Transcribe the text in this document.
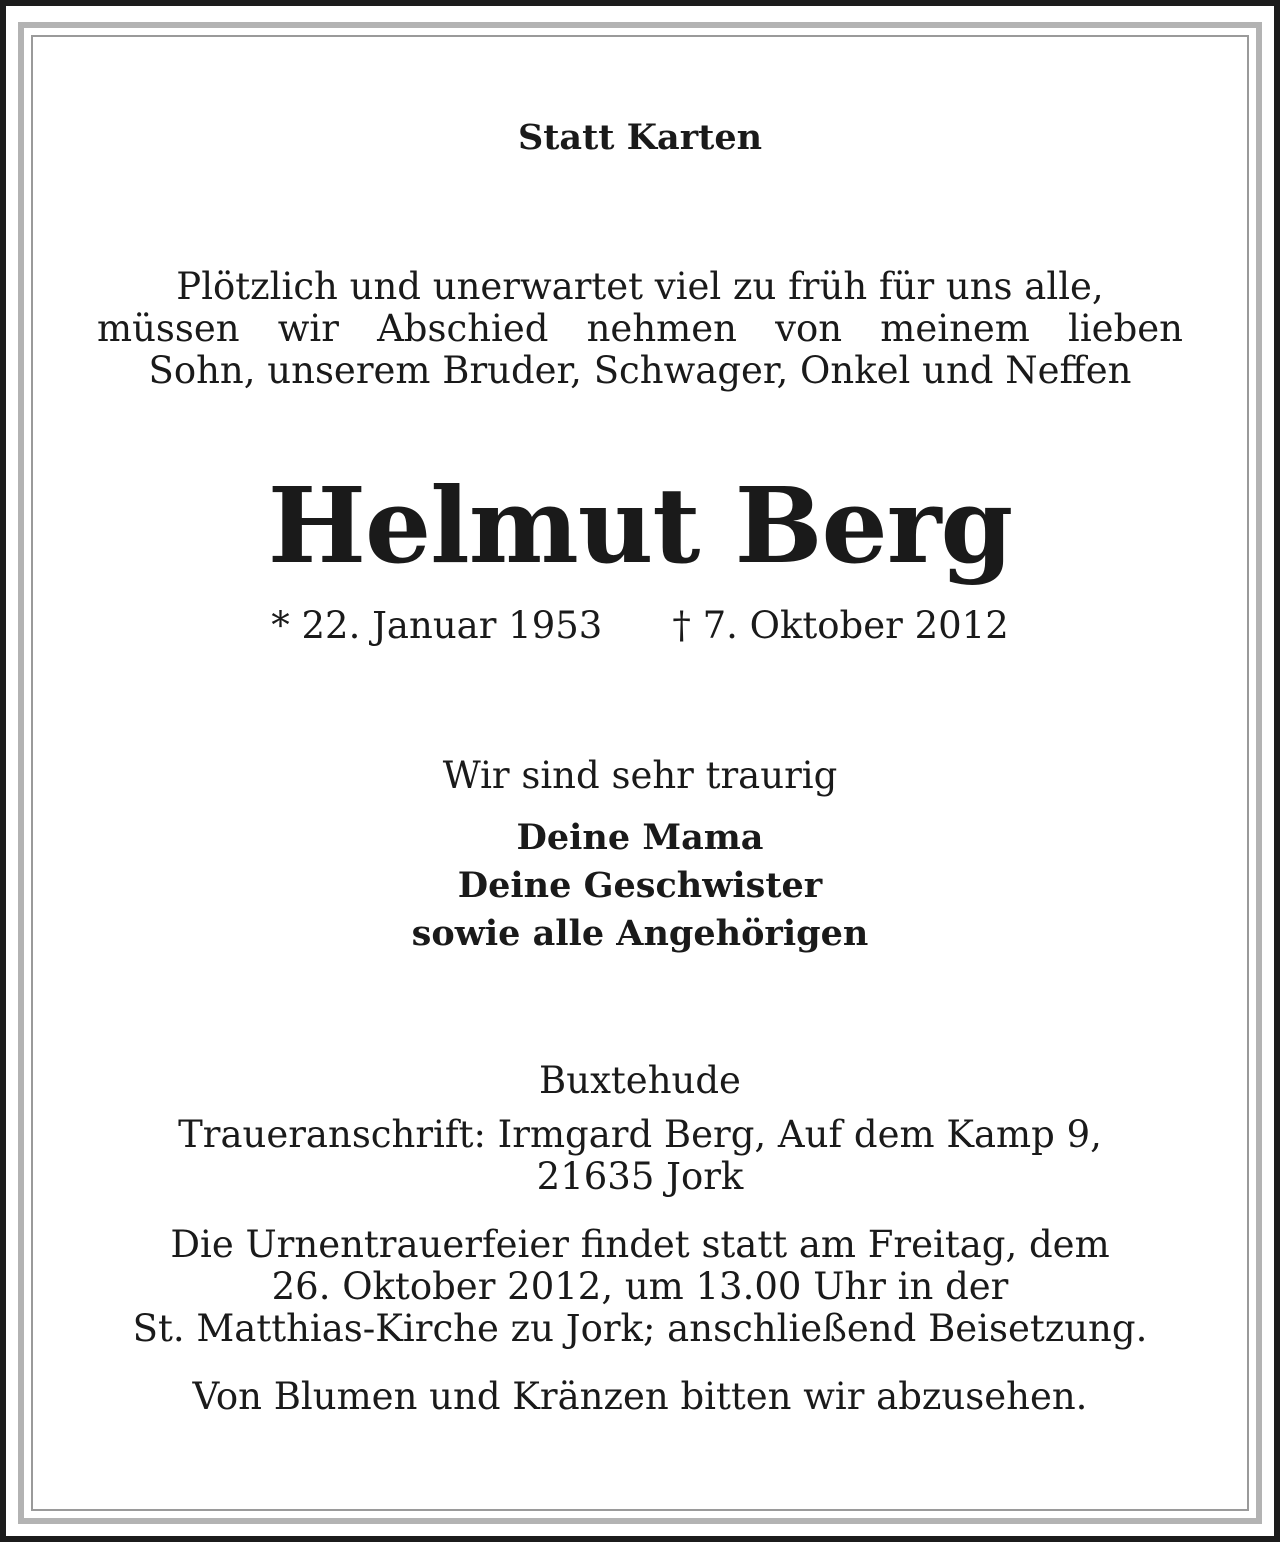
Statt Karten

Plötzlich und unerwartet viel zu früh für uns alle,

müssen wir Abschied nehmen von meinem lieben

Sohn, unserem Bruder, Schwager, Onkel und Neffen

Helmut Berg

* 22. Januar 1953 † 7. Oktober 2012

Wir sind sehr traurig

Deine Mama

Deine Geschwister

sowie alle Angehörigen

Buxtehude

Traueranschrift: Irmgard Berg, Auf dem Kamp 9,

21635 Jork

Die Urnentrauerfeier findet statt am Freitag, dem

26. Oktober 2012, um 13.00 Uhr in der

St. Matthias-Kirche zu Jork; anschließend Beisetzung.

Von Blumen und Kränzen bitten wir abzusehen.
